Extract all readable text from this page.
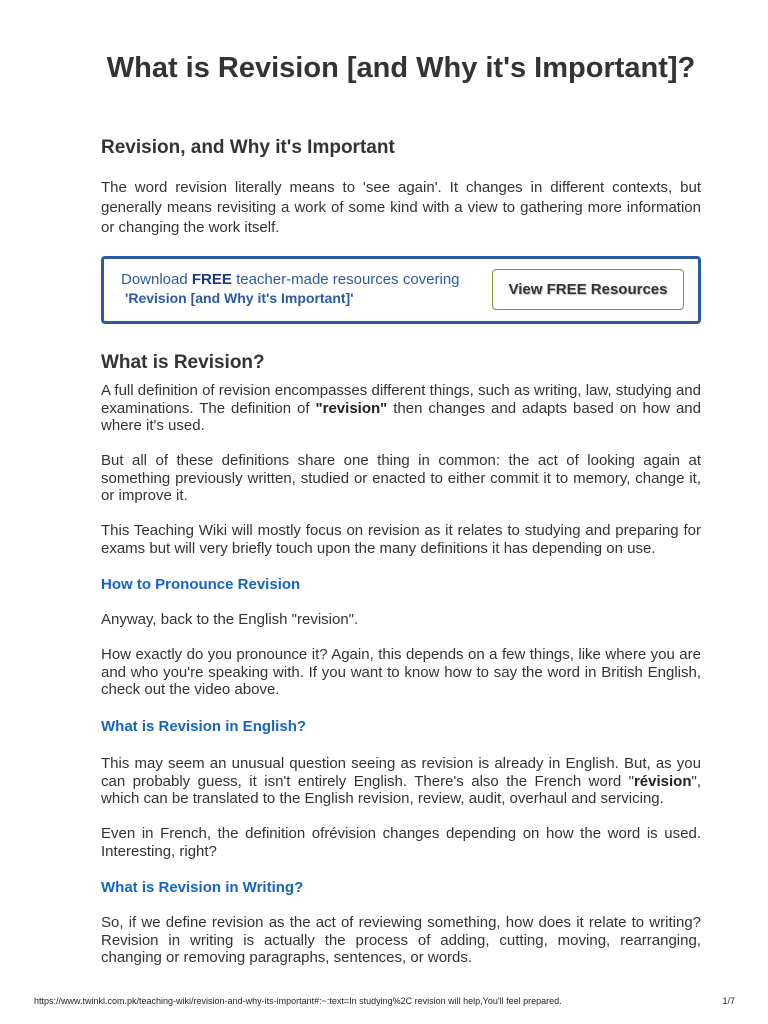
What is Revision [and Why it's Important]?
Revision, and Why it's Important

The word revision literally means to 'see again'. It changes in different contexts, but generally means revisiting a work of some kind with a view to gathering more information or changing the work itself.

What is Revision?

A full definition of revision encompasses different things, such as writing, law, studying and examinations. The definition of "revision" then changes and adapts based on how and where it's used.

But all of these definitions share one thing in common: the act of looking again at something previously written, studied or enacted to either commit it to memory, change it, or improve it.

This Teaching Wiki will mostly focus on revision as it relates to studying and preparing for exams but will very briefly touch upon the many definitions it has depending on use.

How to Pronounce Revision

Anyway, back to the English "revision".

How exactly do you pronounce it? Again, this depends on a few things, like where you are and who you're speaking with. If you want to know how to say the word in British English, check out the video above.

What is Revision in English?

This may seem an unusual question seeing as revision is already in English. But, as you can probably guess, it isn't entirely English. There's also the French word "révision", which can be translated to the English revision, review, audit, overhaul and servicing.

Even in French, the definition ofrévision changes depending on how the word is used. Interesting, right?

What is Revision in Writing?

So, if we define revision as the act of reviewing something, how does it relate to writing? Revision in writing is actually the process of adding, cutting, moving, rearranging, changing or removing paragraphs, sentences, or words.

Download FREE teacher-made resources covering
'Revision [and Why it's Important]'	View FREE Resources
https://www.twinkl.com.pk/teaching-wiki/revision-and-why-its-important#:~:text=In studying%2C revision will help,You'll feel prepared.	1/7
